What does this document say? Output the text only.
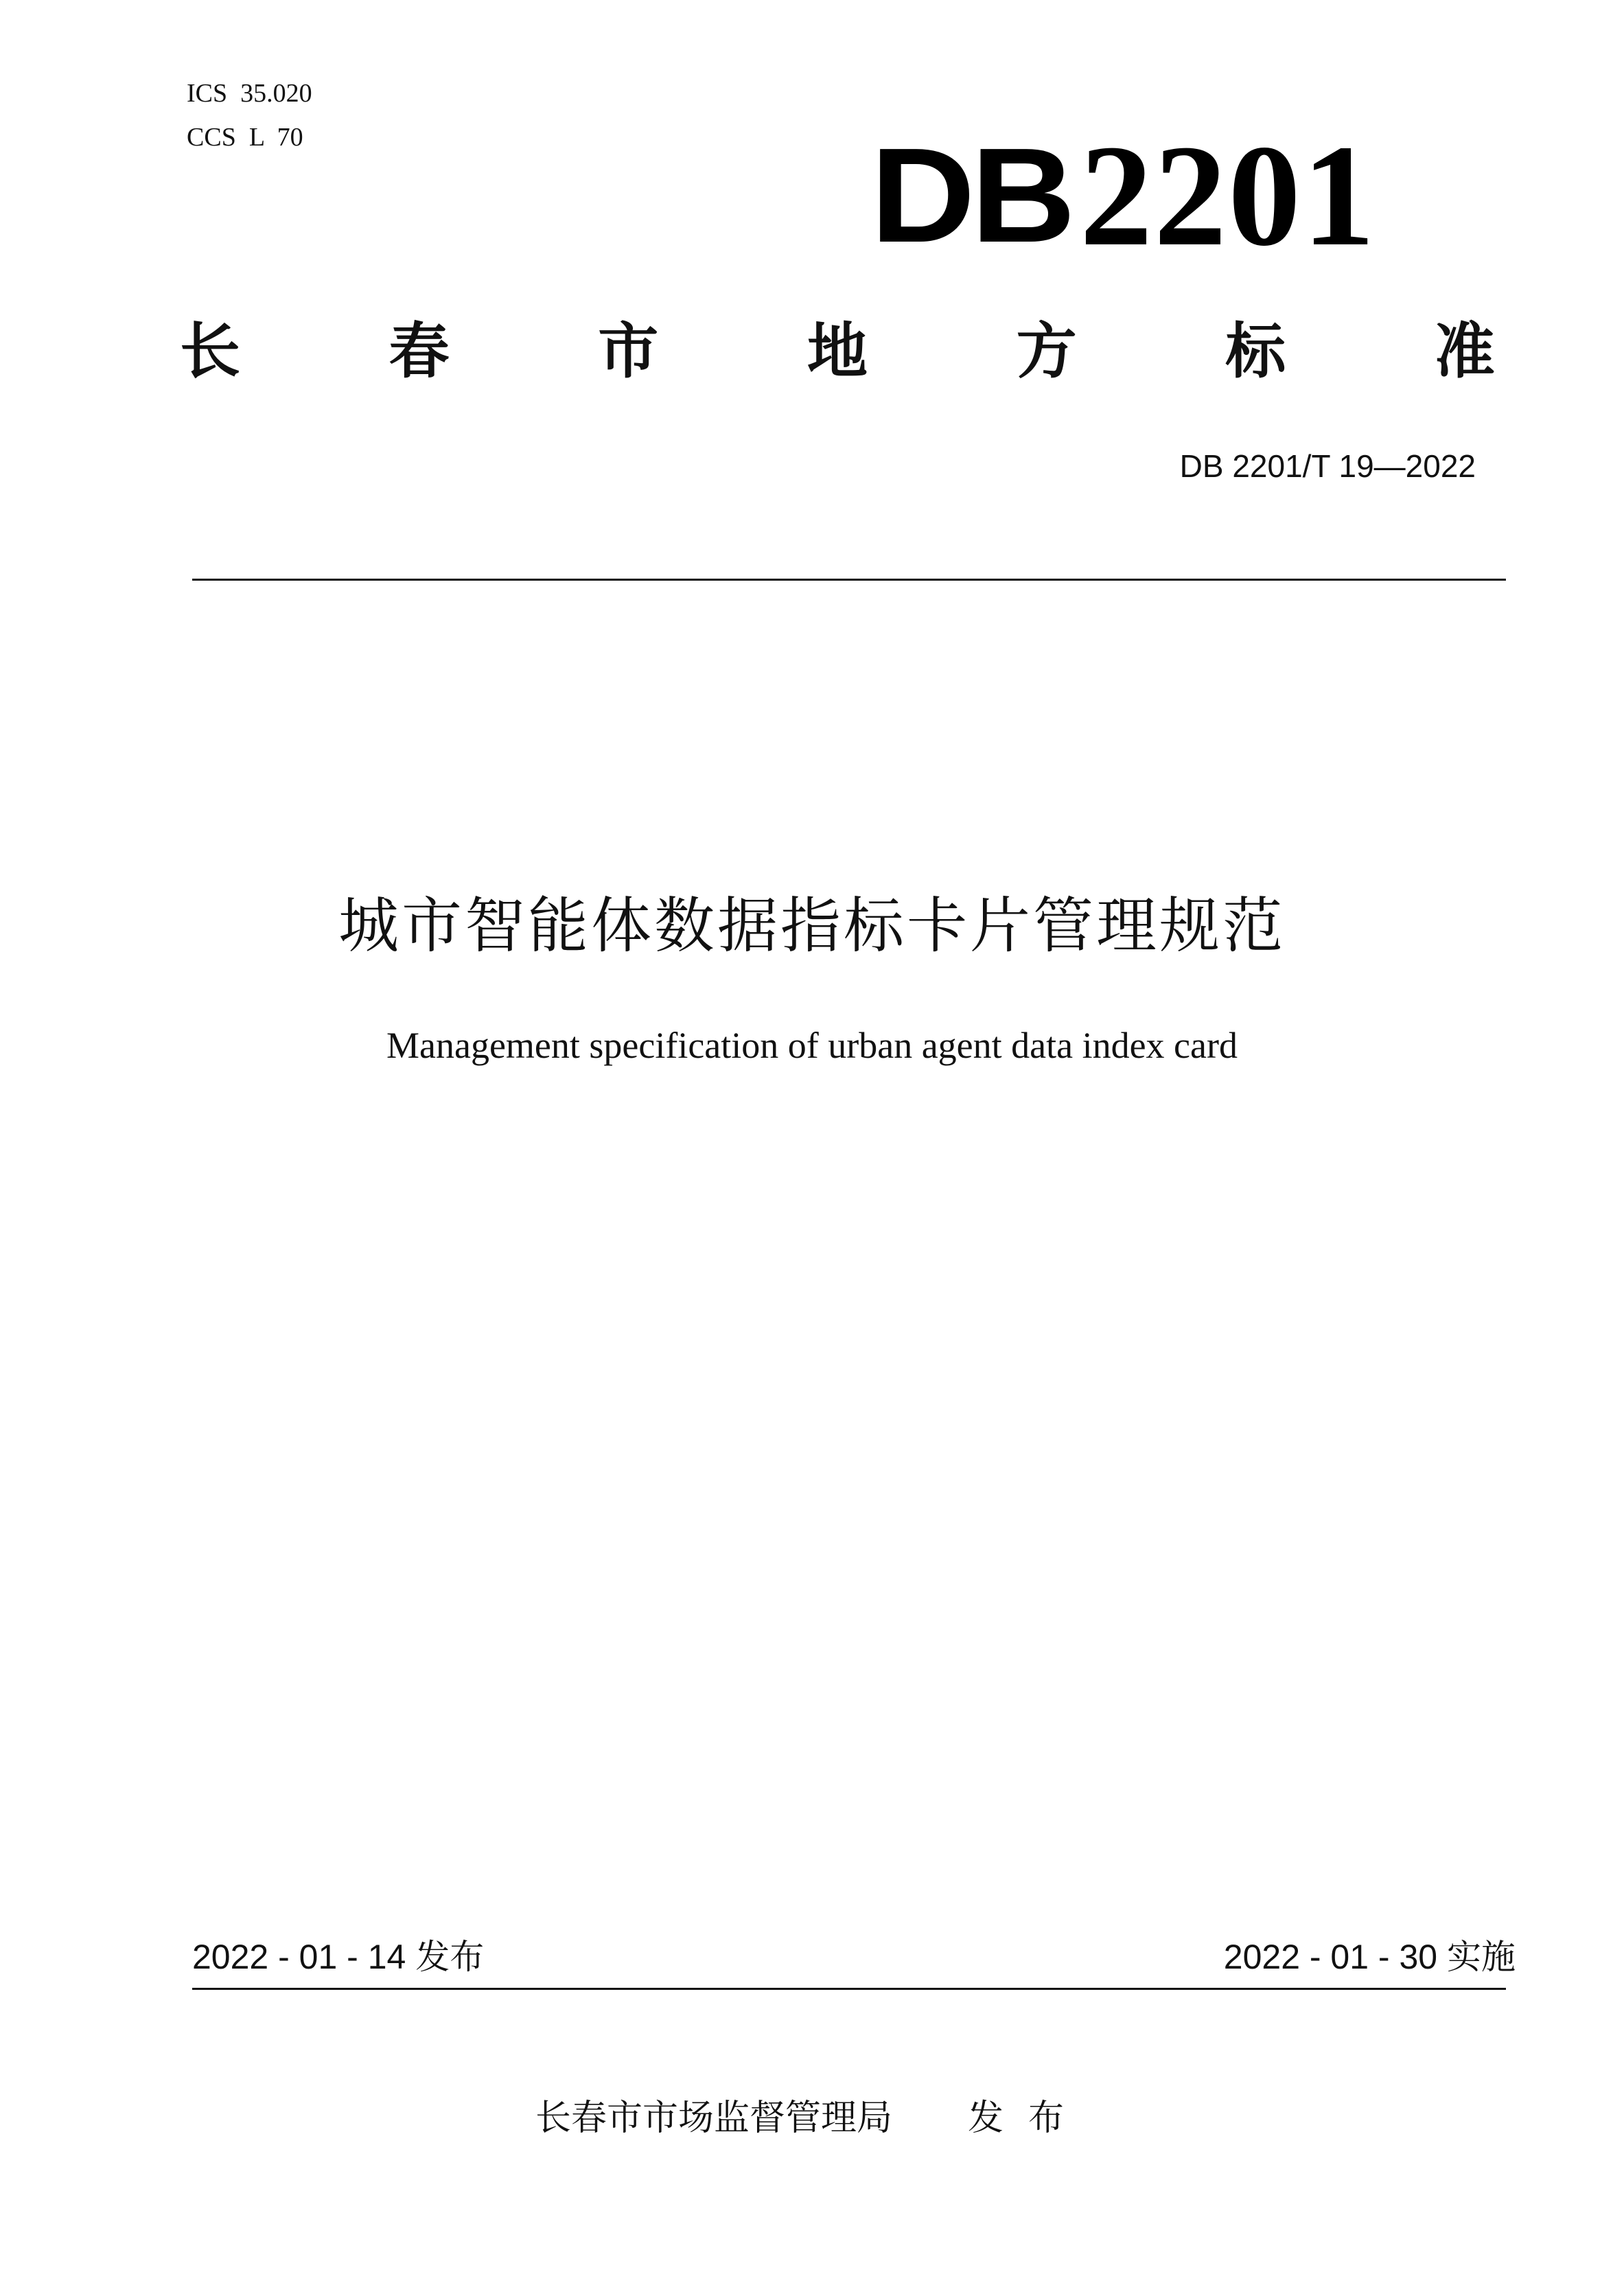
ICS  35.020
CCS  L  70	DB 2201
长 春 市 地 方 标 准
DB 2201/T 19—2022
城市智能体数据指标卡片管理规范
Management specification of urban agent data index card
2022 - 01 - 14 发布	2022 - 01 - 30 实施
长春市市场监督管理局 发布
